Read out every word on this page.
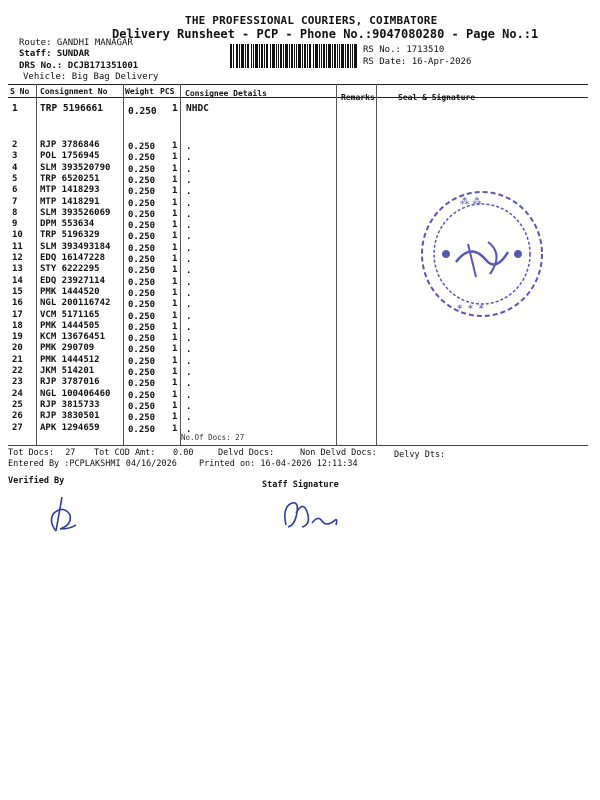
THE PROFESSIONAL COURIERS, COIMBATORE
Delivery Runsheet - PCP - Phone No.:9047080280 - Page No.:1
Route: GANDHI MANAGAR
Staff: SUNDAR
DRS No.: DCJB171351001
Vehicle: Big Bag Delivery
RS No.: 1713510
RS Date: 16-Apr-2026
S No Consignment No Weight PCS Consignee Details	Remarks	Seal & Signature
1 TRP 5196661	0.250 1 NHDC
2	RJP 3786846	0.250 1 .
3	POL 1756945	0.250 1 .
4	SLM 393520790 0.250 1 .
5	TRP 6520251	0.250 1 .
6	MTP 1418293	0.250 1 .
7	MTP 1418291	0.250 1 .
8	SLM 393526069 0.250 1 .
9	DPM 553634	0.250 1 .
10 TRP 5196329	0.250 1 .
11 SLM 393493184 0.250 1 .
12 EDQ 16147228	0.250 1 .
13 STY 6222295	0.250 1 .
14 EDQ 23927114	0.250 1 .
15 PMK 1444520	0.250 1 .
16 NGL 200116742 0.250 1 .
17 VCM 5171165	0.250 1 .
18 PMK 1444505	0.250 1 .
19 KCM 13676451	0.250 1 .
20 PMK 290709	0.250 1 .
21 PMK 1444512	0.250 1 .
22 JKM 514201	0.250 1 .
23 RJP 3787016	0.250 1 .
24 NGL 100406460 0.250 1 .
25 RJP 3815733	0.250 1 .
26 RJP 3830501	0.250 1 .
27 APK 1294659	0.250 1 .
No.Of Docs: 27
⁂ ⁂
✶ ✶ ✶
Tot Docs: 27 Tot COD Amt: 0.00	Delvd Docs:	Non Delvd Docs: Delvy Dts:
Entered By :PCPLAKSHMI 04/16/2026	Printed on: 16-04-2026 12:11:34
Verified By	Staff Signature
